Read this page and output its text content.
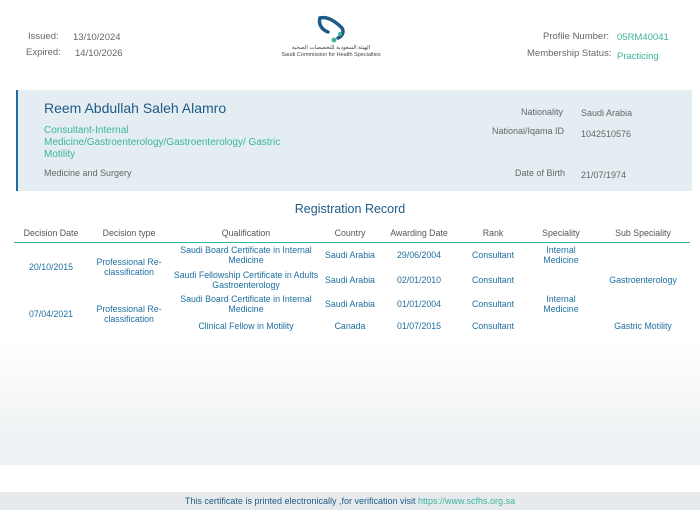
Issued: 13/10/2024
Expired: 14/10/2026	الهيئة السعودية للتخصصات الصحية
Saudi Commission for Health Specialties
Profile Number: 05RM40041
Membership Status: Practicing
Reem Abdullah Saleh Alamro
Consultant-Internal Medicine/Gastroenterology/Gastroenterology/ Gastric Motility
Medicine and Surgery
Nationality Saudi Arabia
National/Iqama ID 1042510576
Date of Birth 21/07/1974
Registration Record
Decision Date	Decision type	Qualification	Country	Awarding Date	Rank	Speciality	Sub Speciality
20/10/2015	Professional Re-classification	Saudi Board Certificate in Internal Medicine	Saudi Arabia	29/06/2004	Consultant	Internal Medicine	
		Saudi Fellowship Certificate in Adults Gastroenterology	Saudi Arabia	02/01/2010	Consultant		Gastroenterology
07/04/2021	Professional Re-classification	Saudi Board Certificate in Internal Medicine	Saudi Arabia	01/01/2004	Consultant	Internal Medicine	
		Clinical Fellow in Motility	Canada	01/07/2015	Consultant		Gastric Motility
This certificate is printed electronically ,for verification visit https://www.scfhs.org.sa
